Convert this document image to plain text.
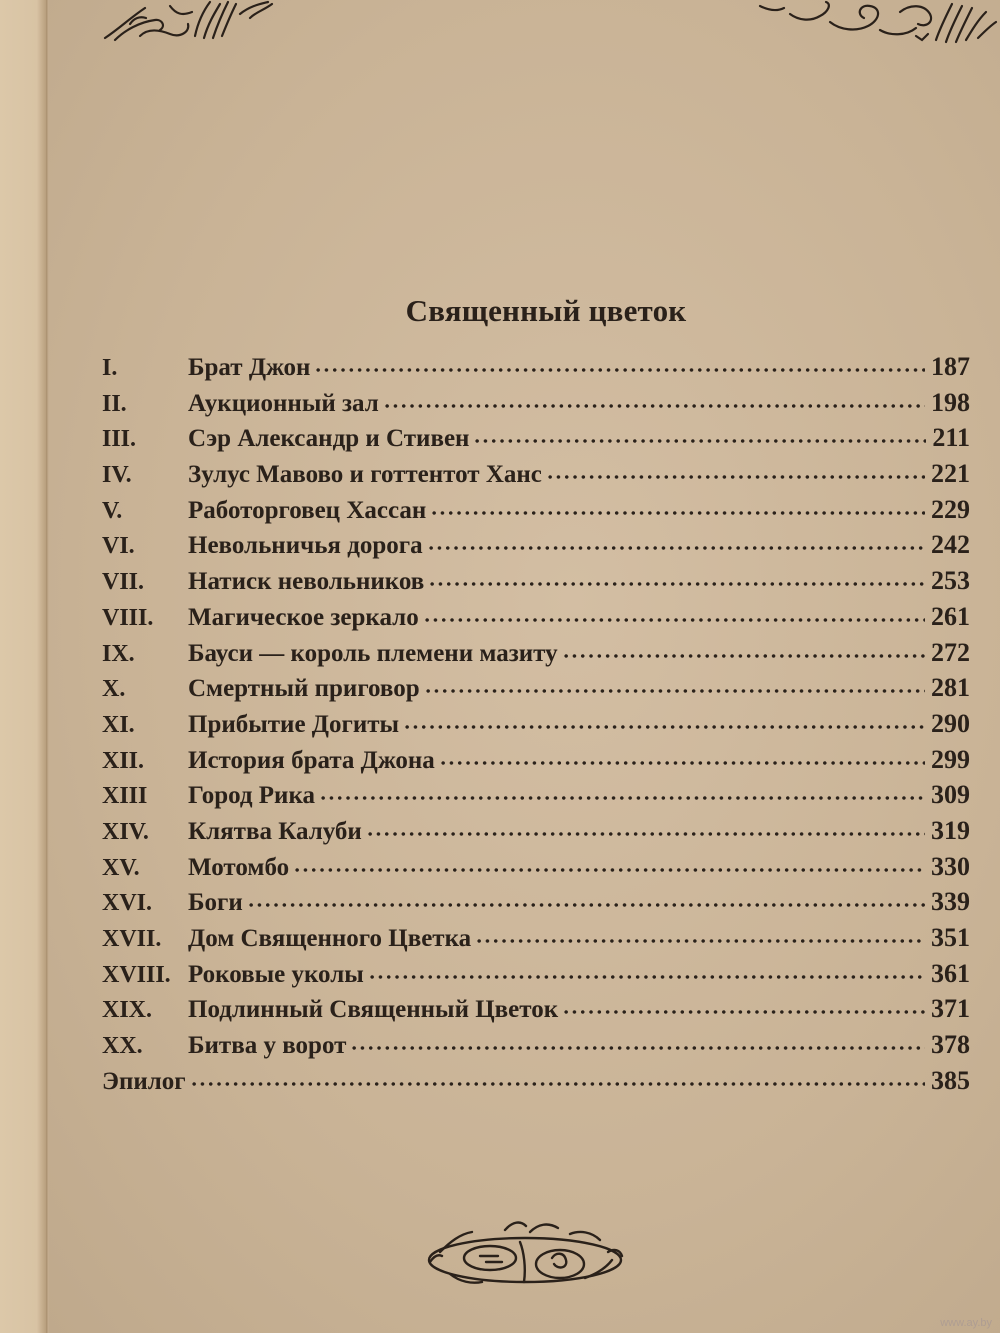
Священный цветок
I.	Брат Джон	187
II.	Аукционный зал	198
III.	Сэр Александр и Стивен	211
IV.	Зулус Мавово и готтентот Ханс	221
V.	Работорговец Хассан	229
VI.	Невольничья дорога	242
VII.	Натиск невольников	253
VIII.	Магическое зеркало	261
IX.	Бауси — король племени мазиту	272
X.	Смертный приговор	281
XI.	Прибытие Догиты	290
XII.	История брата Джона	299
XIII	Город Рика	309
XIV.	Клятва Калуби	319
XV.	Мотомбо	330
XVI.	Боги	339
XVII.	Дом Священного Цветка	351
XVIII. Роковые уколы	361
XIX.	Подлинный Священный Цветок	371
XX.	Битва у ворот	378
Эпилог	385
www.ay.by
